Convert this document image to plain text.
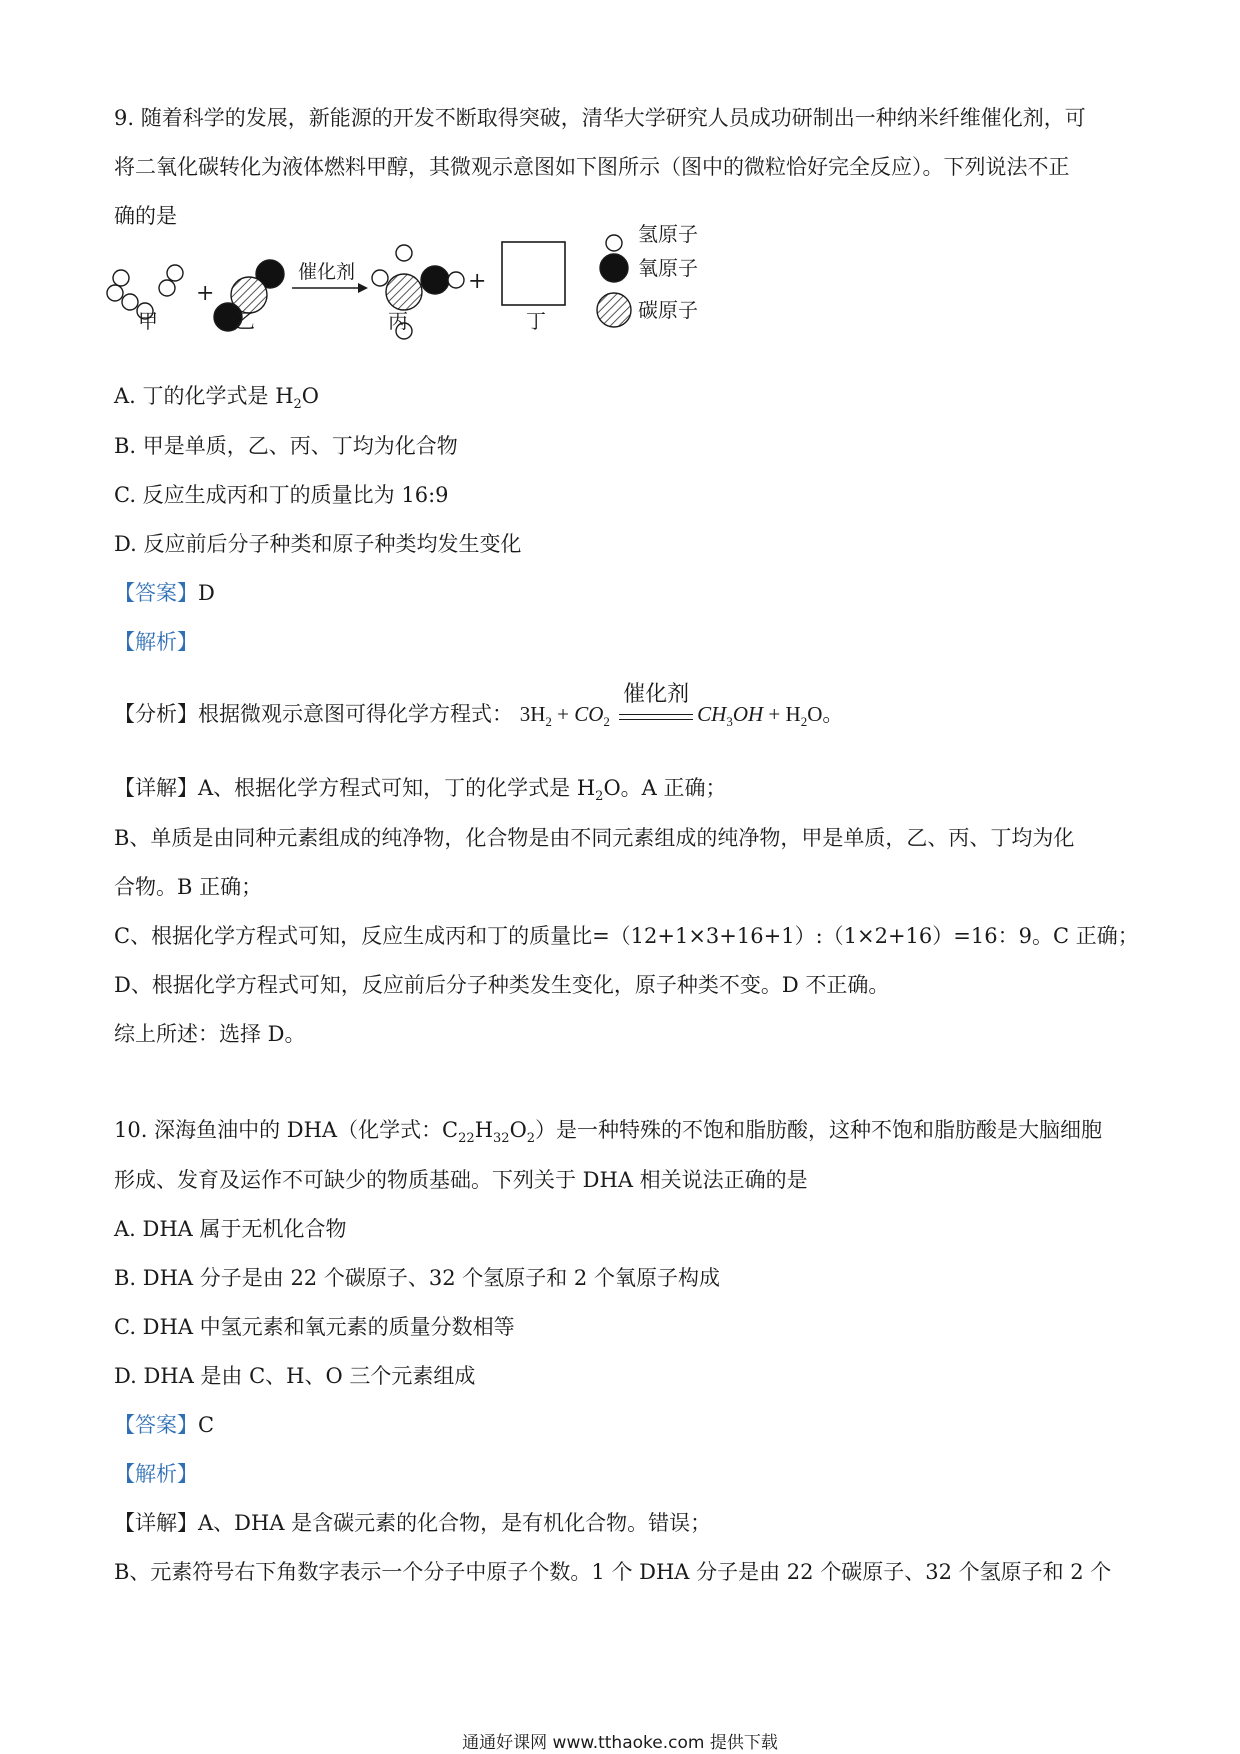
9. 随着科学的发展，新能源的开发不断取得突破，清华大学研究人员成功研制出一种纳米纤维催化剂，可
将二氧化碳转化为液体燃料甲醇，其微观示意图如下图所示（图中的微粒恰好完全反应）。下列说法不正
确的是
+
催化剂	+
甲	乙	丙	丁
氢原子
氧原子
碳原子
A. 丁的化学式是 $H_2O$
B. 甲是单质，乙、丙、丁均为化合物
C. 反应生成丙和丁的质量比为 16:9
D. 反应前后分子种类和原子种类均发生变化
【答案】D
【解析】
【分析】根据微观示意图可得化学方程式： $3H_2 + CO_2$
催化剂
$CH_3OH + H_2O$。
【详解】A、根据化学方程式可知，丁的化学式是 $H_2O$。A 正确；
B、单质是由同种元素组成的纯净物，化合物是由不同元素组成的纯净物，甲是单质，乙、丙、丁均为化
合物。B 正确；
C、根据化学方程式可知，反应生成丙和丁的质量比=（12+1×3+16+1）:（1×2+16）=16：9。C 正确；
D、根据化学方程式可知，反应前后分子种类发生变化，原子种类不变。D 不正确。
综上所述：选择 D。
10. 深海鱼油中的 DHA（化学式：$C_{22}H_{32}O_2$）是一种特殊的不饱和脂肪酸，这种不饱和脂肪酸是大脑细胞
形成、发育及运作不可缺少的物质基础。下列关于 DHA 相关说法正确的是
A. DHA 属于无机化合物
B. DHA 分子是由 22 个碳原子、32 个氢原子和 2 个氧原子构成
C. DHA 中氢元素和氧元素的质量分数相等
D. DHA 是由 C、H、O 三个元素组成
【答案】C
【解析】
【详解】A、DHA 是含碳元素的化合物，是有机化合物。错误；
B、元素符号右下角数字表示一个分子中原子个数。1 个 DHA 分子是由 22 个碳原子、32 个氢原子和 2 个
通通好课网 www.tthaoke.com 提供下载
